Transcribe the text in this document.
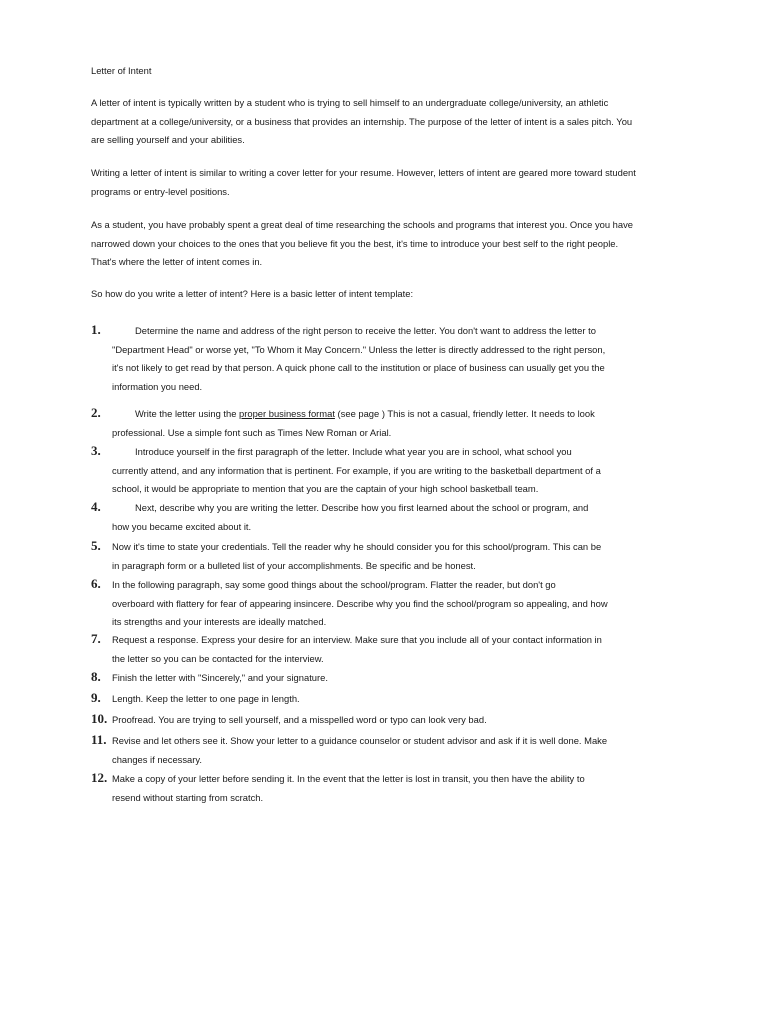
Letter of Intent
A letter of intent is typically written by a student who is trying to sell himself to an undergraduate college/university, an athletic
department at a college/university, or a business that provides an internship. The purpose of the letter of intent is a sales pitch. You
are selling yourself and your abilities.
Writing a letter of intent is similar to writing a cover letter for your resume. However, letters of intent are geared more toward student
programs or entry-level positions.
As a student, you have probably spent a great deal of time researching the schools and programs that interest you. Once you have
narrowed down your choices to the ones that you believe fit you the best, it's time to introduce your best self to the right people.
That's where the letter of intent comes in.
So how do you write a letter of intent? Here is a basic letter of intent template:
1.	Determine the name and address of the right person to receive the letter. You don't want to address the letter to
"Department Head" or worse yet, "To Whom it May Concern." Unless the letter is directly addressed to the right person,
it's not likely to get read by that person. A quick phone call to the institution or place of business can usually get you the
information you need.
2.	Write the letter using the proper business format (see page ) This is not a casual, friendly letter. It needs to look
professional. Use a simple font such as Times New Roman or Arial.
3.	Introduce yourself in the first paragraph of the letter. Include what year you are in school, what school you
currently attend, and any information that is pertinent. For example, if you are writing to the basketball department of a
school, it would be appropriate to mention that you are the captain of your high school basketball team.
4.	Next, describe why you are writing the letter. Describe how you first learned about the school or program, and
how you became excited about it.
5. Now it's time to state your credentials. Tell the reader why he should consider you for this school/program. This can be
in paragraph form or a bulleted list of your accomplishments. Be specific and be honest.
6. In the following paragraph, say some good things about the school/program. Flatter the reader, but don't go
overboard with flattery for fear of appearing insincere. Describe why you find the school/program so appealing, and how
its strengths and your interests are ideally matched.
7. Request a response. Express your desire for an interview. Make sure that you include all of your contact information in
the letter so you can be contacted for the interview.
8. Finish the letter with "Sincerely," and your signature.
9. Length. Keep the letter to one page in length.
10. Proofread. You are trying to sell yourself, and a misspelled word or typo can look very bad.
11. Revise and let others see it. Show your letter to a guidance counselor or student advisor and ask if it is well done. Make
changes if necessary.
12. Make a copy of your letter before sending it. In the event that the letter is lost in transit, you then have the ability to
resend without starting from scratch.
